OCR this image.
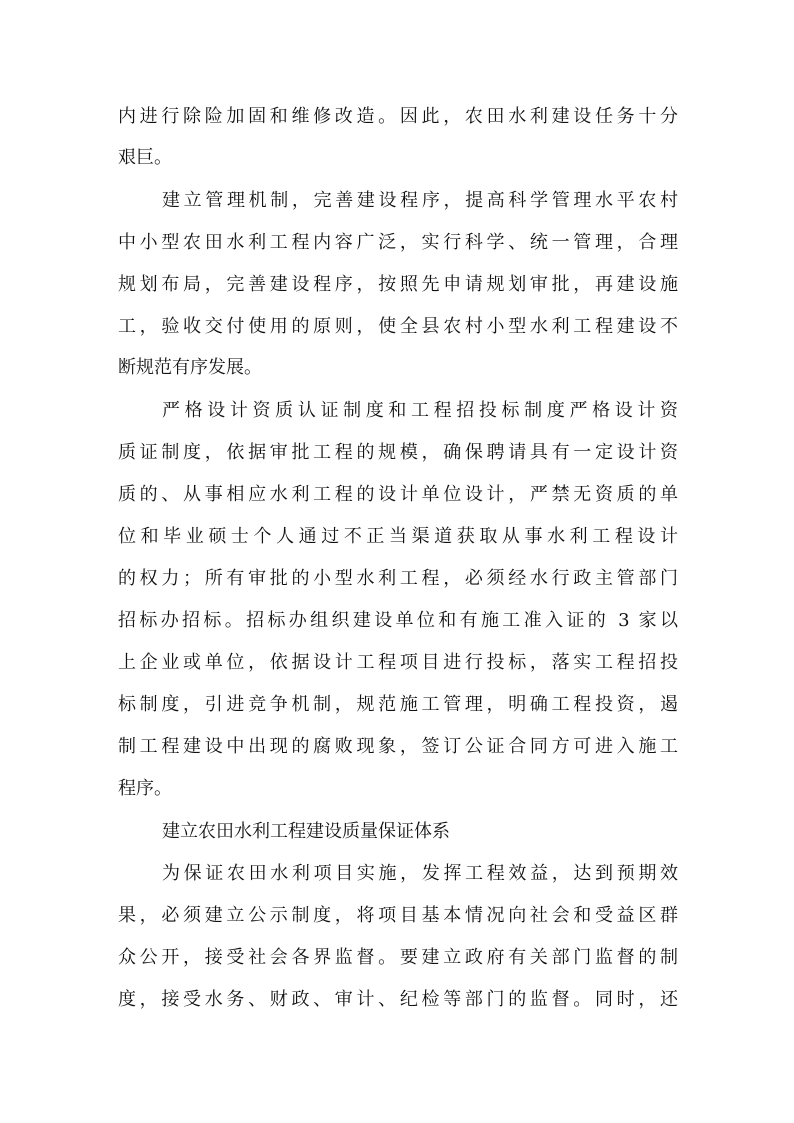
内进行除险加固和维修改造。因此，农田水利建设任务十分
艰巨。
建立管理机制，完善建设程序，提高科学管理水平农村
中小型农田水利工程内容广泛，实行科学、统一管理，合理
规划布局，完善建设程序，按照先申请规划审批，再建设施
工，验收交付使用的原则，使全县农村小型水利工程建设不
断规范有序发展。
严格设计资质认证制度和工程招投标制度严格设计资
质证制度，依据审批工程的规模，确保聘请具有一定设计资
质的、从事相应水利工程的设计单位设计，严禁无资质的单
位和毕业硕士个人通过不正当渠道获取从事水利工程设计
的权力；所有审批的小型水利工程，必须经水行政主管部门
招标办招标。招标办组织建设单位和有施工准入证的 3 家以
上企业或单位，依据设计工程项目进行投标，落实工程招投
标制度，引进竞争机制，规范施工管理，明确工程投资，遏
制工程建设中出现的腐败现象，签订公证合同方可进入施工
程序。
建立农田水利工程建设质量保证体系
为保证农田水利项目实施，发挥工程效益，达到预期效
果，必须建立公示制度，将项目基本情况向社会和受益区群
众公开，接受社会各界监督。要建立政府有关部门监督的制
度，接受水务、财政、审计、纪检等部门的监督。同时，还
